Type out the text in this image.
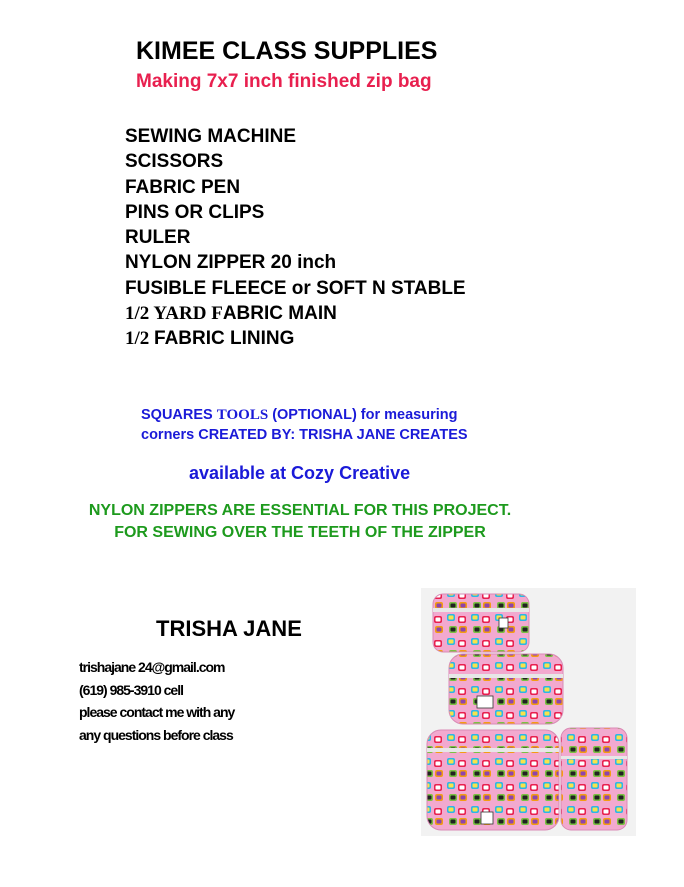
KIMEE CLASS SUPPLIES
Making 7x7 inch finished zip bag
SEWING MACHINE
SCISSORS
FABRIC PEN
PINS OR CLIPS
RULER
NYLON ZIPPER 20 inch
FUSIBLE FLEECE or SOFT N STABLE
1/2 YARD FABRIC MAIN
1/2 FABRIC LINING
SQUARES TOOLS (OPTIONAL) for measuring
corners CREATED BY: TRISHA JANE CREATES
available at Cozy Creative
NYLON ZIPPERS ARE ESSENTIAL FOR THIS PROJECT.
FOR SEWING OVER THE TEETH OF THE ZIPPER
TRISHA JANE
trishajane 24@gmail.com
(619) 985-3910 cell
please contact me with any
any questions before class
